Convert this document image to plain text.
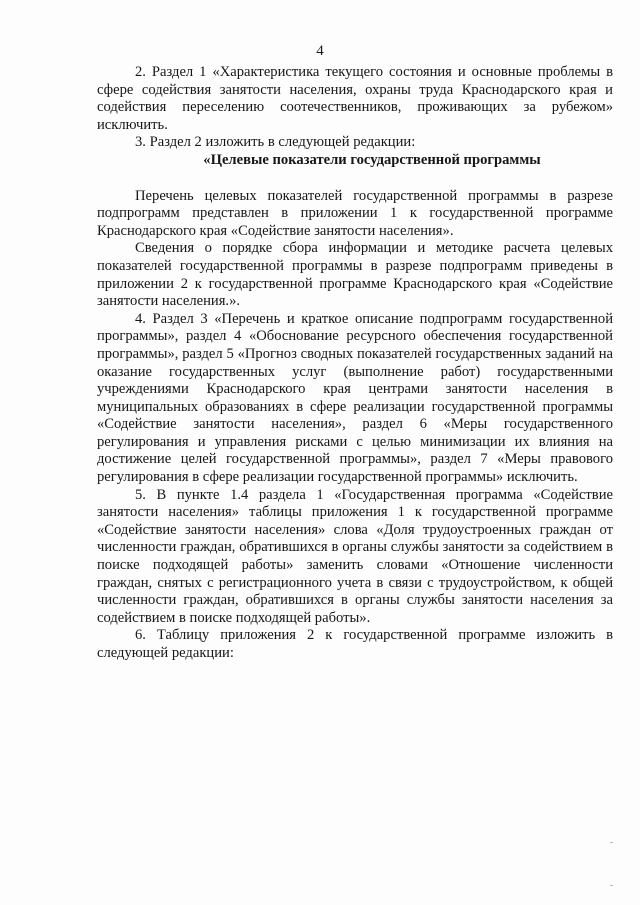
4

2. Раздел 1 «Характеристика текущего состояния и основные проблемы в сфере содействия занятости населения, охраны труда Краснодарского края и содействия переселению соотечественников, проживающих за рубежом» исключить.

3. Раздел 2 изложить в следующей редакции:

«Целевые показатели государственной программы

Перечень целевых показателей государственной программы в разрезе подпрограмм представлен в приложении 1 к государственной программе Краснодарского края «Содействие занятости населения».

Сведения о порядке сбора информации и методике расчета целевых показателей государственной программы в разрезе подпрограмм приведены в приложении 2 к государственной программе Краснодарского края «Содействие занятости населения.».

4. Раздел 3 «Перечень и краткое описание подпрограмм государственной программы», раздел 4 «Обоснование ресурсного обеспечения государственной программы», раздел 5 «Прогноз сводных показателей государственных заданий на оказание государственных услуг (выполнение работ) государственными учреждениями Краснодарского края центрами занятости населения в муниципальных образованиях в сфере реализации государственной программы «Содействие занятости населения», раздел 6 «Меры государственного регулирования и управления рисками с целью минимизации их влияния на достижение целей государственной программы», раздел 7 «Меры правового регулирования в сфере реализации государственной программы» исключить.

5. В пункте 1.4 раздела 1 «Государственная программа «Содействие занятости населения» таблицы приложения 1 к государственной программе «Содействие занятости населения» слова «Доля трудоустроенных граждан от численности граждан, обратившихся в органы службы занятости за содействием в поиске подходящей работы» заменить словами «Отношение численности граждан, снятых с регистрационного учета в связи с трудоустройством, к общей численности граждан, обратившихся в органы службы занятости населения за содействием в поиске подходящей работы».

6. Таблицу приложения 2 к государственной программе изложить в следующей редакции:
